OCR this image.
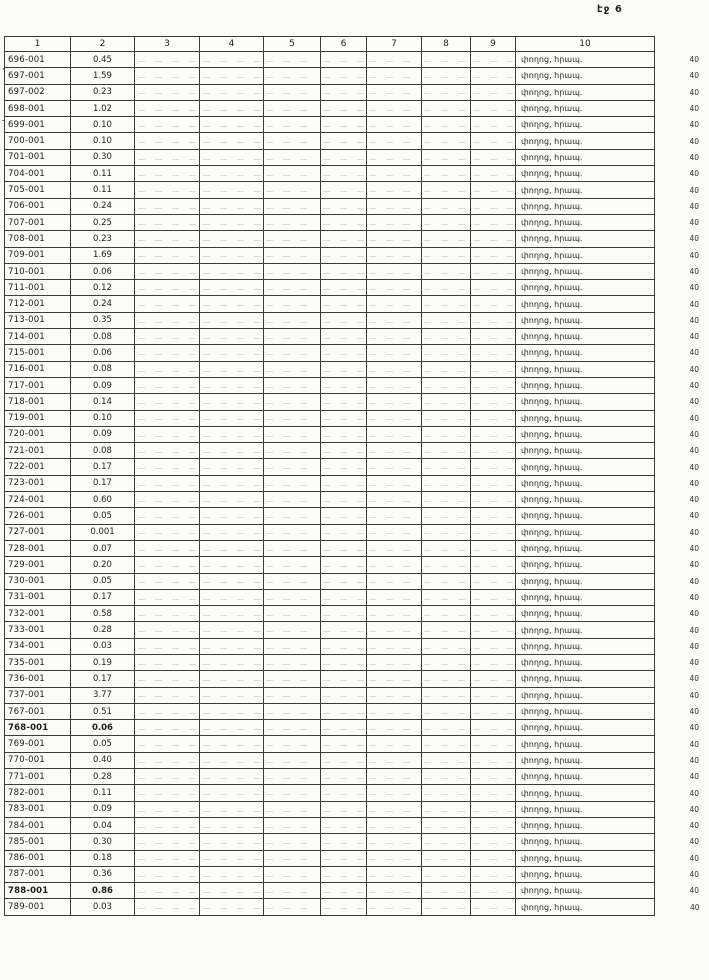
էջ 6
1	2	3	4	5	6	7	8	9	10	
696-001	0.45								փողոց, հրապ.	40
697-001	1.59								փողոց, հրապ.	40
697-002	0.23								փողոց, հրապ.	40
698-001	1.02								փողոց, հրապ.	40
699-001	0.10								փողոց, հրապ.	40
700-001	0.10								փողոց, հրապ.	40
701-001	0.30								փողոց, հրապ.	40
704-001	0.11								փողոց, հրապ.	40
705-001	0.11								փողոց, հրապ.	40
706-001	0.24								փողոց, հրապ.	40
707-001	0.25								փողոց, հրապ.	40
708-001	0.23								փողոց, հրապ.	40
709-001	1.69								փողոց, հրապ.	40
710-001	0.06								փողոց, հրապ.	40
711-001	0.12								փողոց, հրապ.	40
712-001	0.24								փողոց, հրապ.	40
713-001	0.35								փողոց, հրապ.	40
714-001	0.08								փողոց, հրապ.	40
715-001	0.06								փողոց, հրապ.	40
716-001	0.08								փողոց, հրապ.	40
717-001	0.09								փողոց, հրապ.	40
718-001	0.14								փողոց, հրապ.	40
719-001	0.10								փողոց, հրապ.	40
720-001	0.09								փողոց, հրապ.	40
721-001	0.08								փողոց, հրապ.	40
722-001	0.17								փողոց, հրապ.	40
723-001	0.17								փողոց, հրապ.	40
724-001	0.60								փողոց, հրապ.	40
726-001	0.05								փողոց, հրապ.	40
727-001	0.001								փողոց, հրապ.	40
728-001	0.07								փողոց, հրապ.	40
729-001	0.20								փողոց, հրապ.	40
730-001	0.05								փողոց, հրապ.	40
731-001	0.17								փողոց, հրապ.	40
732-001	0.58								փողոց, հրապ.	40
733-001	0.28								փողոց, հրապ.	40
734-001	0.03								փողոց, հրապ.	40
735-001	0.19								փողոց, հրապ.	40
736-001	0.17								փողոց, հրապ.	40
737-001	3.77								փողոց, հրապ.	40
767-001	0.51								փողոց, հրապ.	40
768-001	0.06								փողոց, հրապ.	40
769-001	0.05								փողոց, հրապ.	40
770-001	0.40								փողոց, հրապ.	40
771-001	0.28								փողոց, հրապ.	40
782-001	0.11								փողոց, հրապ.	40
783-001	0.09								փողոց, հրապ.	40
784-001	0.04								փողոց, հրապ.	40
785-001	0.30								փողոց, հրապ.	40
786-001	0.18								փողոց, հրապ.	40
787-001	0.36								փողոց, հրապ.	40
788-001	0.86								փողոց, հրապ.	40
789-001	0.03								փողոց, հրապ.	40
